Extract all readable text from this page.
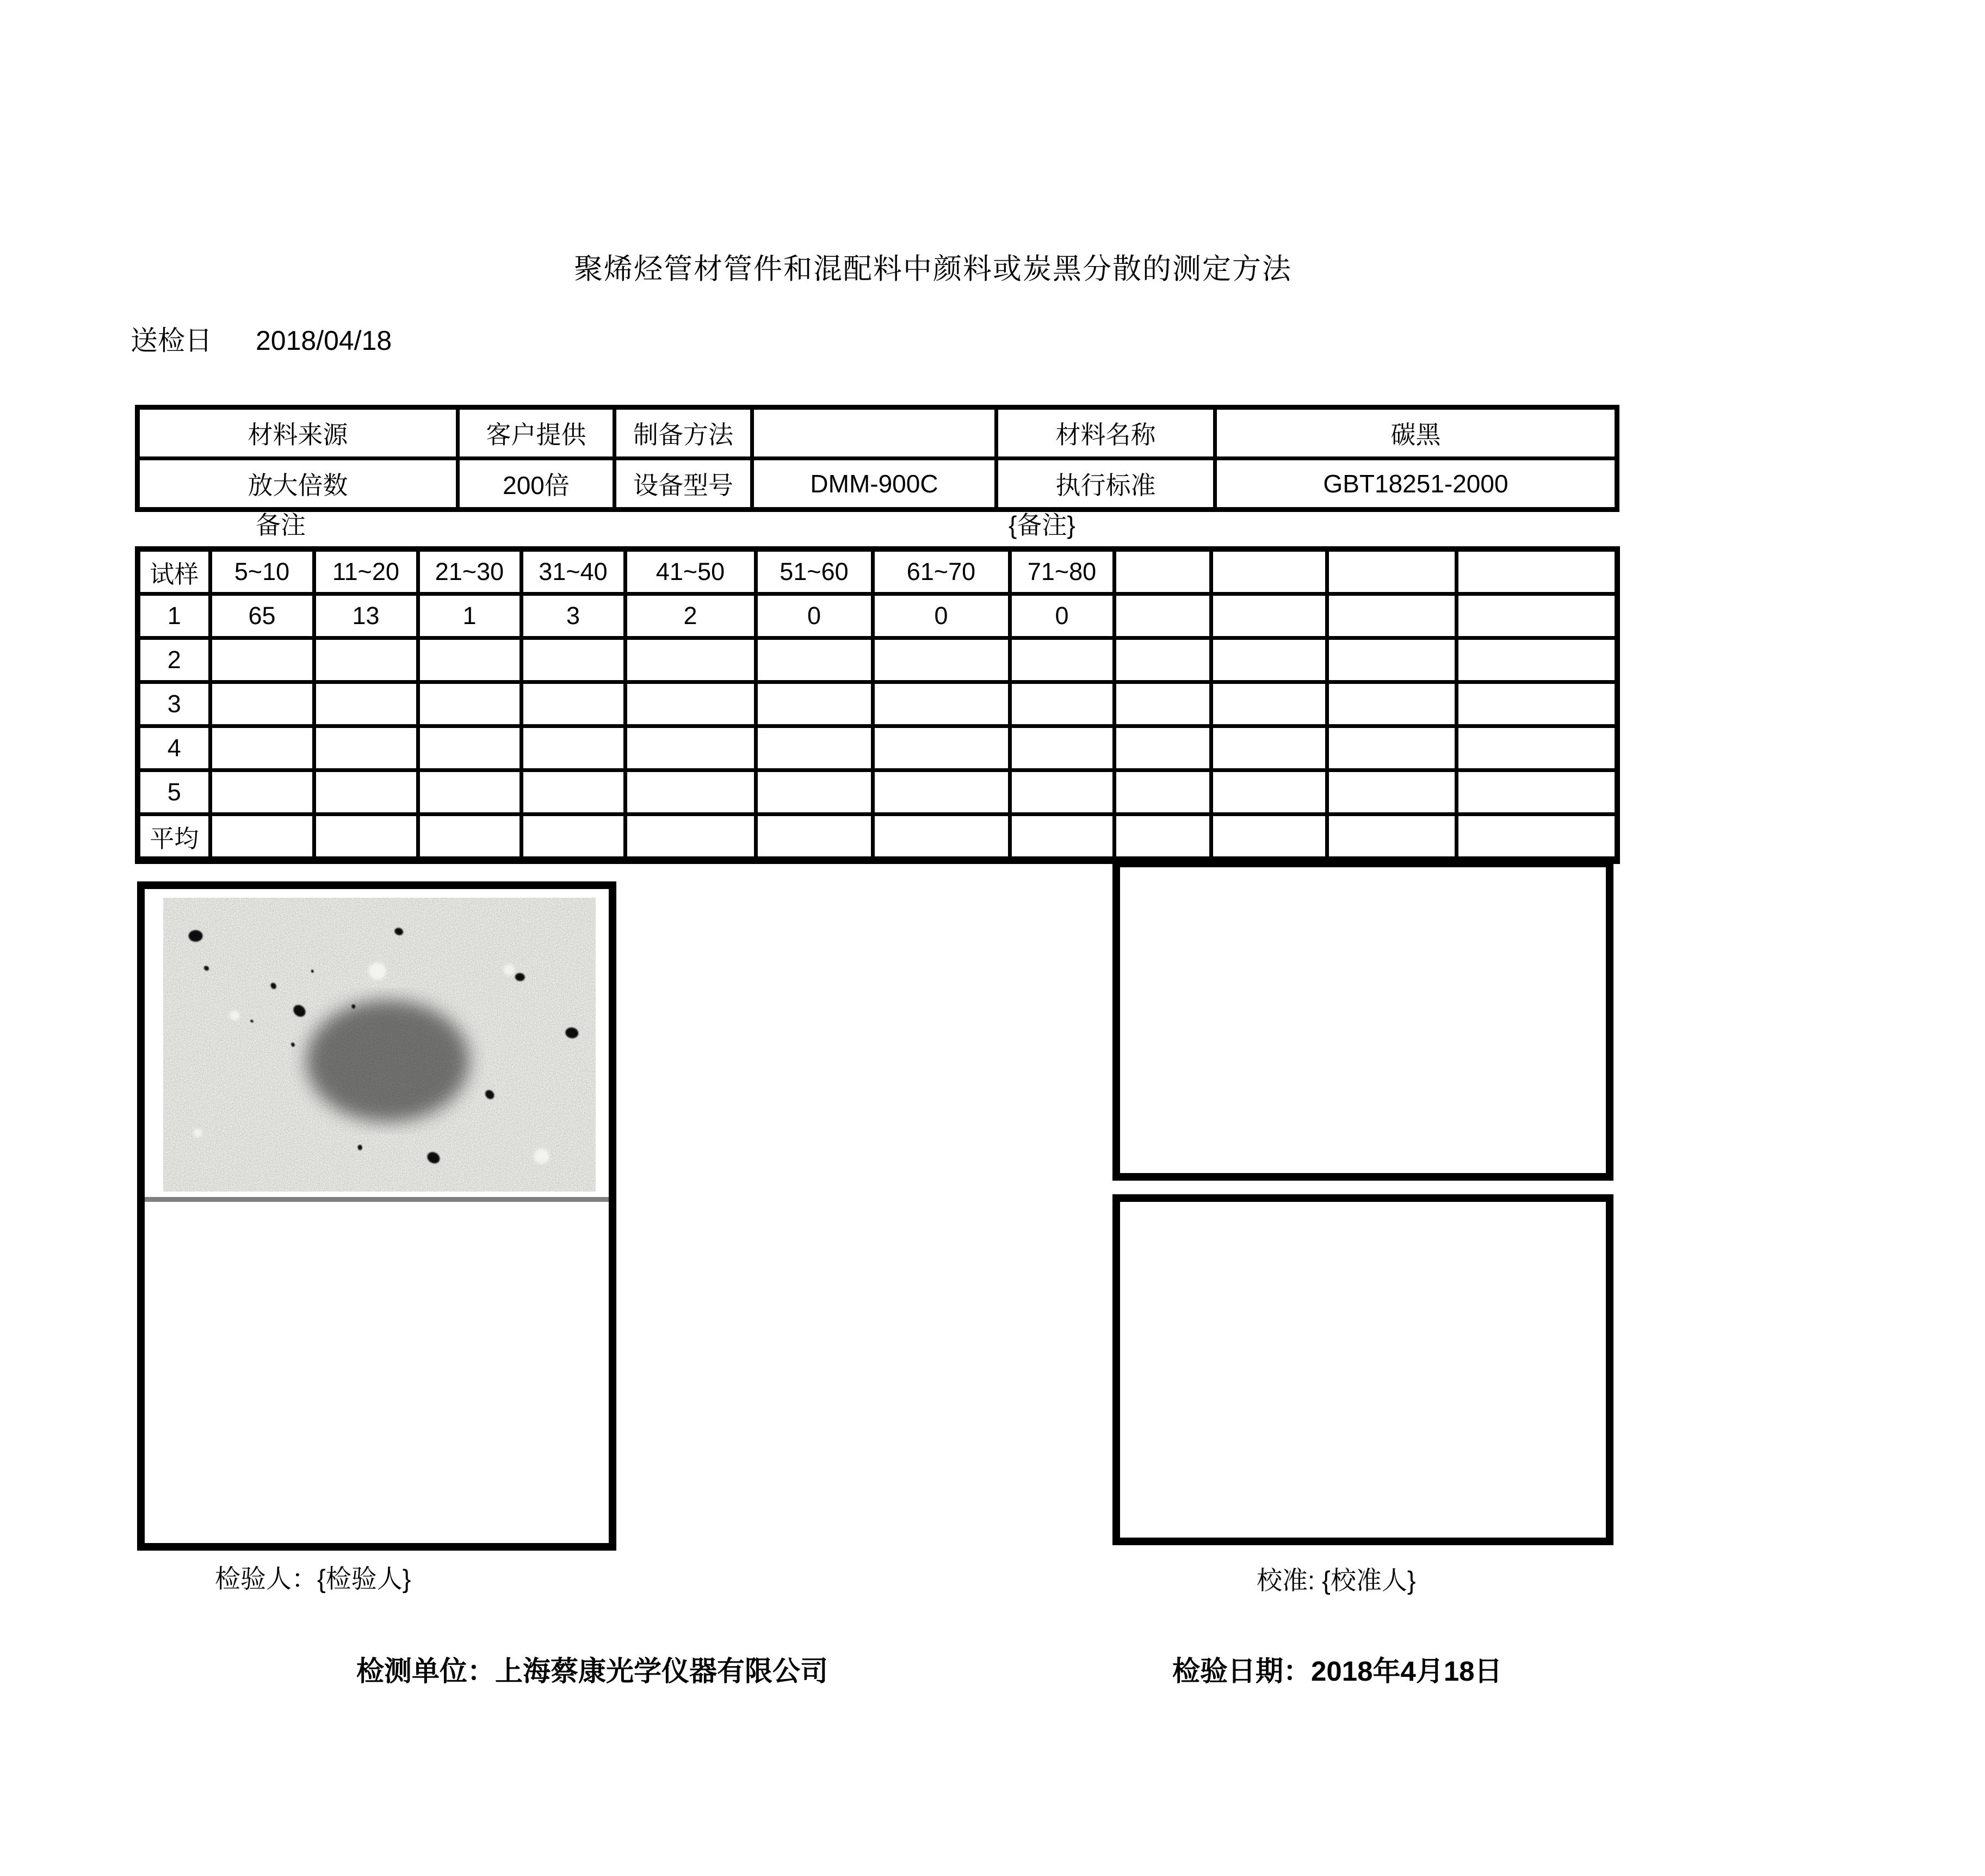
聚烯烃管材管件和混配料中颜料或炭黑分散的测定方法
送检日 2018/04/18
材料来源	客户提供	制备方法		材料名称	碳黑
放大倍数	200倍	设备型号	DMM-900C	执行标准	GBT18251-2000
备注	{备注}
试样	5~10	11~20	21~30	31~40	41~50	51~60	61~70	71~80				
1	65	13	1	3	2	0	0	0				
2												
3												
4												
5												
平均												
检验人：{检验人}	校准: {校准人}
检测单位：上海蔡康光学仪器有限公司	检验日期：2018年4月18日
